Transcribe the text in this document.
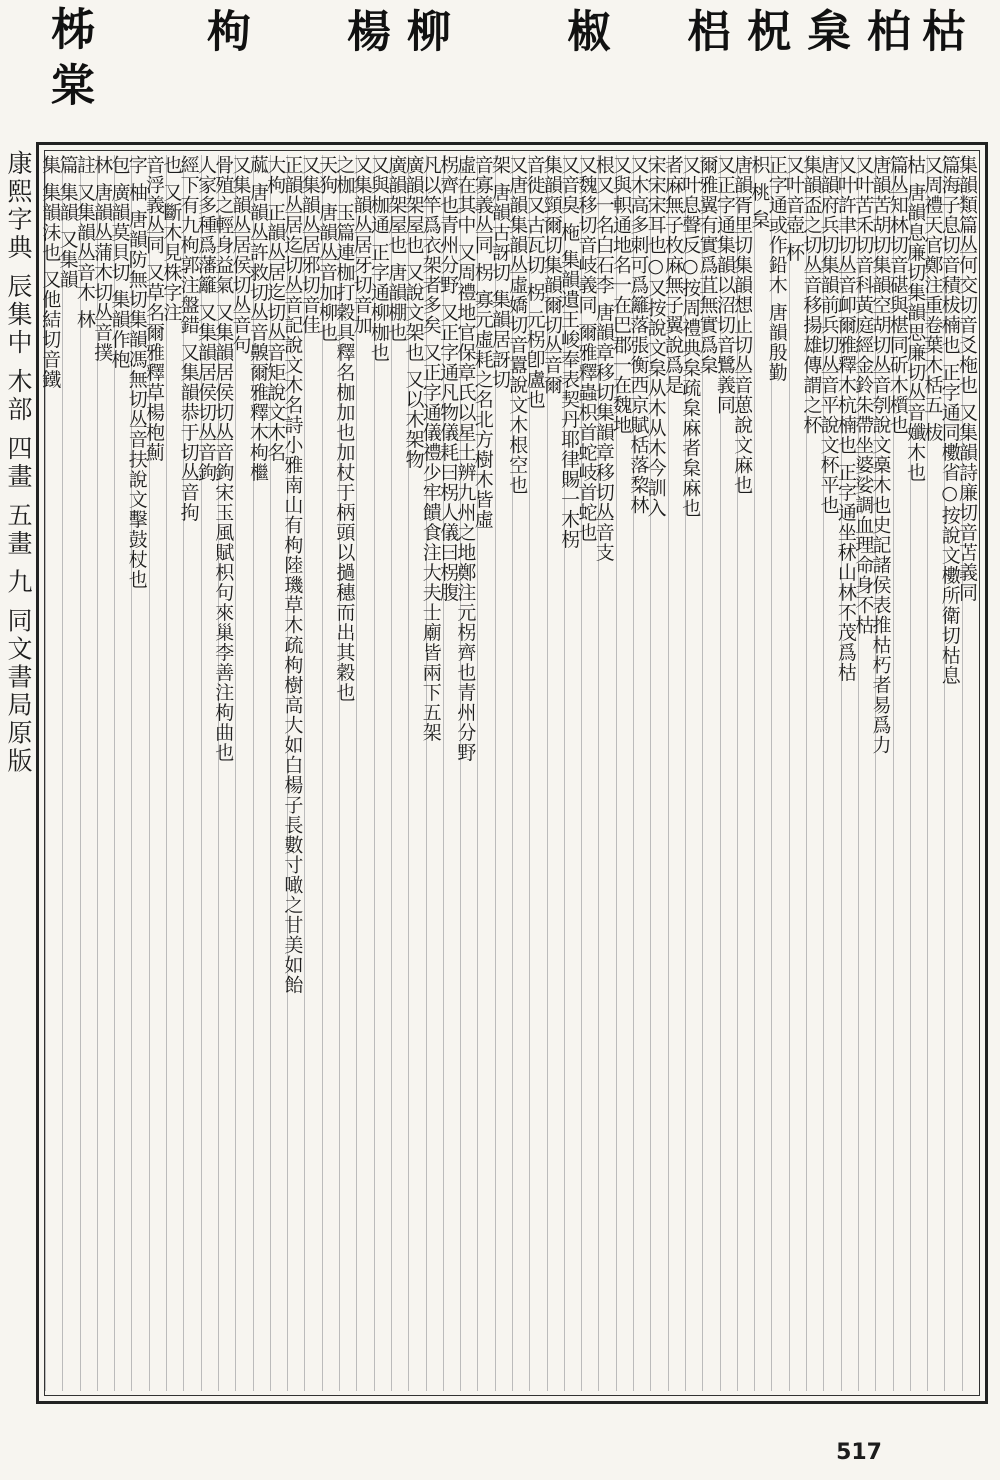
柹
棠
枸 楊 柳 椒 梠 柷 枲 柏 枯
康熙字典 辰集中 木部 四畫 五畫 九 同文書局原版	集韻類篇丛何交切音爻柂也 又集韻詩廉切音苫義同
篇海子息切音積柭楠也 正字通同櫢省○按說文櫢所衛切枯息
又周禮天官鄭注重卷葉木栝五 柭
枯 唐韻息廉切集韻思廉切丛音孅木也
篇丛知林切音碪與椹同斫木櫍也
唐韻苦胡切集韻空胡切丛音刳說文槀木也史記諸侯表推枯朽者易爲力
又叶苦禾切音科黃庭經金鈴朱帶坐婆娑調血理命身不枯
又叶許聿切丛音卹爾雅釋木杭楠也 正字通坐秫山林不茂爲枯
唐韻府兵切集韻前兵切丛音平說文杯平也
集韻盃之切丛音移揚雄傳謂之杯
又叶音壺 杯
正字通或作鉛木 唐韻殷勤
枳 桃 枲
唐韻胥里切集韻想止切丛音葸說文麻也
又正字通集韻以沼切音鷺義同
爾雅翼有實爲苴無實爲枲
又叶息聲反○按周禮典枲疏枲麻者枲麻也
者麻無子枚麻無子翼說爲是
宋宋宋耳也○又按說文枲从木从木今訓入
又木高多刺可爲籬落張衡西京賦栝落棃林
又與軹通地名一在巴郡一在魏地
根又一名白石李 唐韻章移切集韻章移切丛音支
又魏移切音岐義同 爾雅釋蟲枳首蛇岐首蛇也
又音臭 柂 集韻遺王峻奉表契丹耶律賜一木柺
集韻頸爾切集韻爾切丛音爾
音徙又古瓦切 柺 元柺卽盧也
又唐韻集韻丛虛嬌切音囂說文木根空也
架 唐韻古訝切 集韻居訝切
音寡義丛同 柺 寡元虛耗之名北方樹木皆虛
虛在其中 又周禮地官保章氏以星土辨九州之地鄭注元柺齊也青州分野
柺齊也青州分野 又正字通凡物儀耗曰柺人儀曰柺腹
凡以竿爲衣架者多矣 又正字通儀禮少牢饋食注大夫士廟皆兩下五架
廣韻架屋也 又說文架也 又以木架物
廣韻架屋也 唐韻棚也
又與枷通 正字通柳枷也
又集韻丛居牙切音加
之枷 玉篇連枷打穀具釋名枷加也加杖于柄頭以撾穗而出其穀也
天狗 唐韻丛音加柳也
又集韻丛居邪切音佳
正韻丛居迄切丛音記說文木名詩小雅南山有枸陸璣草木疏枸樹高大如白楊子長數寸噉之甘美如飴
大枸 正韻丛居迄切丛音矩說文木名
蓏 唐韻丛許救切丛音齅爾雅釋木枸檵
又集韻丛居侯切丛音句
骨殖之輕身益氣 又集韻居侯切丛音鉤宋玉風賦枳句來巢李善注枸曲也
人家多種爲藩籬 又集韻居侯切丛音鉤
經下有九枸郭注盤錯 又集韻恭于切丛音拘
也 又斷木見株字注
音浮義丛同 又草名爾雅釋草楊枹薊
字 柚 唐韻防無切集韻馮無切丛音扶說文擊鼓杖也
包 廣韻莫貝切 集韻作枹
林 唐韻丛蒲木切丛音撲
註 又集韻丛音木 林
篇 集韻 又集韻
集 集韻沬也 又他結切音鐵
517
